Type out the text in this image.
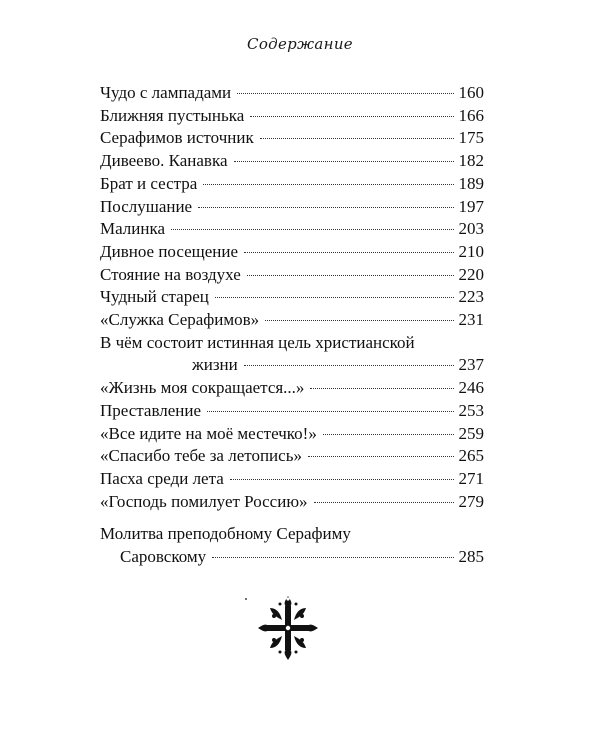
Содержание
Чудо с лампадами	160
Ближняя пустынька	166
Серафимов источник	175
Дивеево. Канавка	182
Брат и сестра	189
Послушание	197
Малинка	203
Дивное посещение	210
Стояние на воздухе	220
Чудный старец	223
«Служка Серафимов»	231
В чём состоит истинная цель христианской
жизни	237
«Жизнь моя сокращается...»	246
Преставление	253
«Все идите на моё местечко!»	259
«Спасибо тебе за летопись»	265
Пасха среди лета	271
«Господь помилует Россию»	279
Молитва преподобному Серафиму
Саровскому	285
